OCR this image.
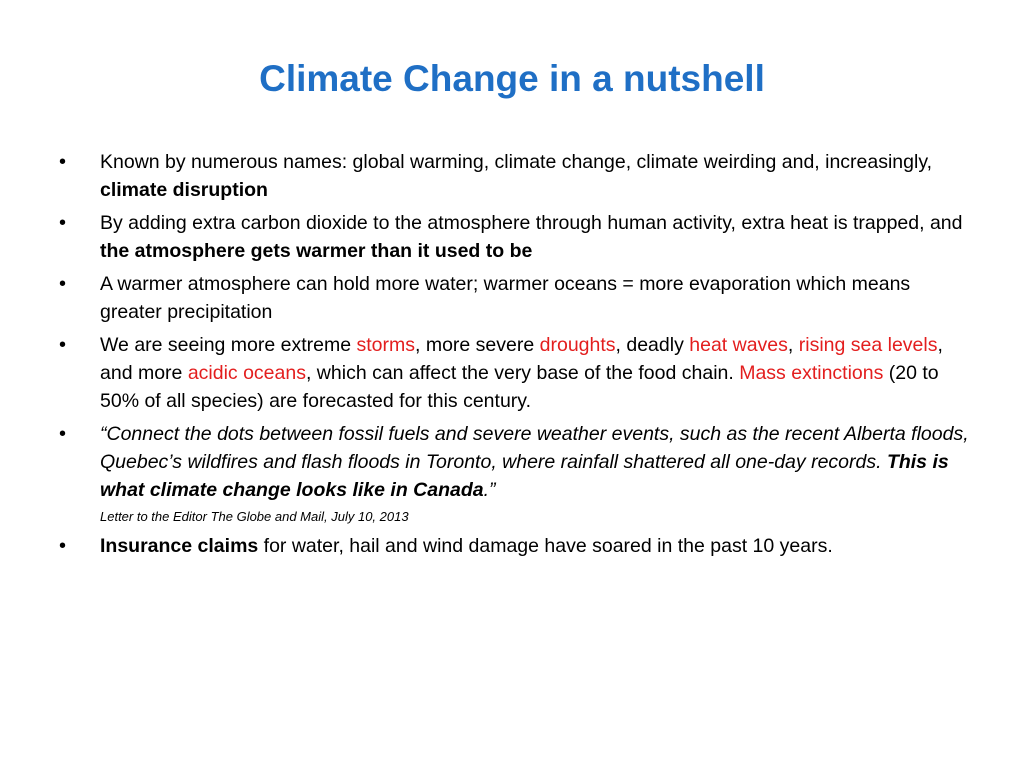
Climate Change in a nutshell
• Known by numerous names: global warming, climate change, climate weirding and, increasingly, climate disruption
• By adding extra carbon dioxide to the atmosphere through human activity, extra heat is trapped, and the atmosphere gets warmer than it used to be
• A warmer atmosphere can hold more water; warmer oceans = more evaporation which means greater precipitation
• We are seeing more extreme storms, more severe droughts, deadly heat waves, rising sea levels, and more acidic oceans, which can affect the very base of the food chain. Mass extinctions (20 to 50% of all species) are forecasted for this century.
• “Connect the dots between fossil fuels and severe weather events, such as the recent Alberta floods, Quebec’s wildfires and flash floods in Toronto, where rainfall shattered all one-day records. This is what climate change looks like in Canada.”
Letter to the Editor The Globe and Mail, July 10, 2013
• Insurance claims for water, hail and wind damage have soared in the past 10 years.
